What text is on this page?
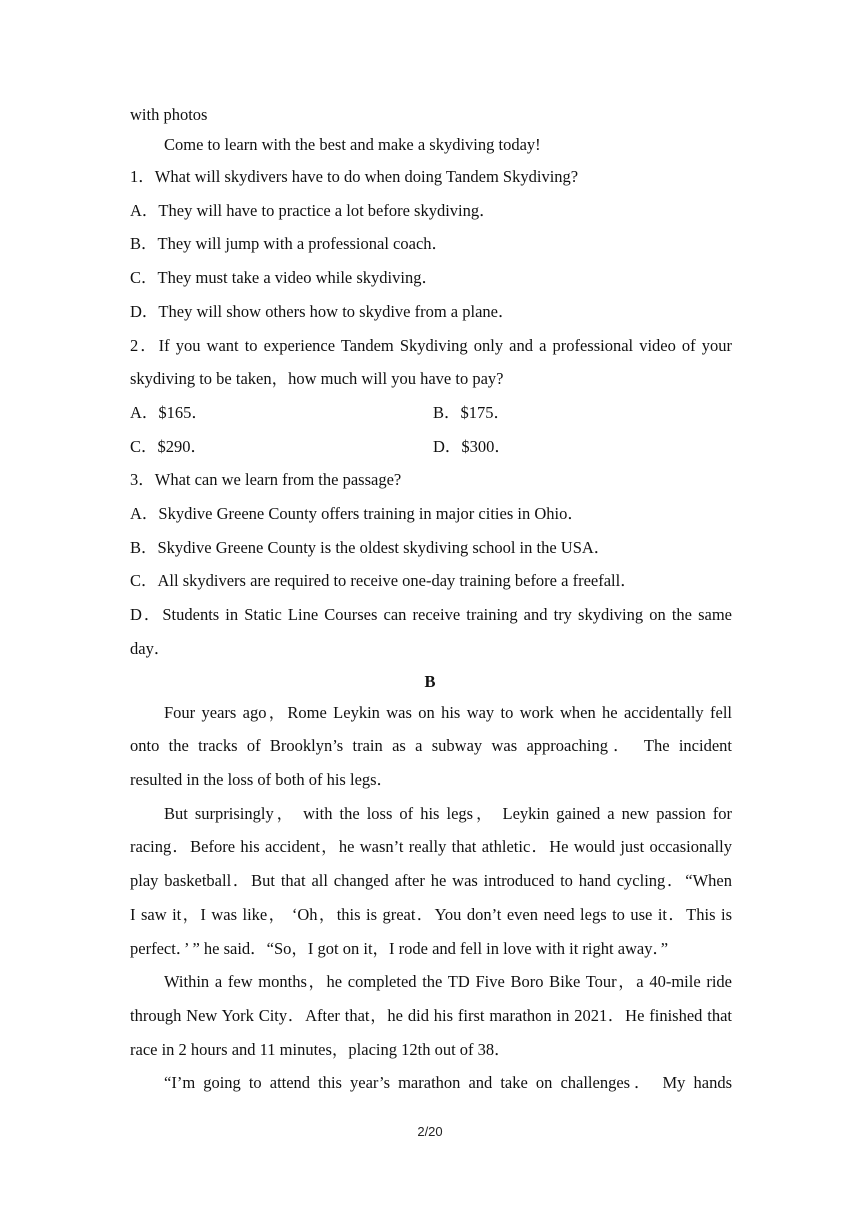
with photos
Come to learn with the best and make a skydiving today!
1．What will skydivers have to do when doing Tandem Skydiving?
A．They will have to practice a lot before skydiving．
B．They will jump with a professional coach．
C．They must take a video while skydiving．
D．They will show others how to skydive from a plane．
2．If you want to experience Tandem Skydiving only and a professional video of your
skydiving to be taken，how much will you have to pay?
A．$165．	B．$175．
C．$290．	D．$300．
3．What can we learn from the passage?
A．Skydive Greene County offers training in major cities in Ohio．
B．Skydive Greene County is the oldest skydiving school in the USA．
C．All skydivers are required to receive one-day training before a freefall．
D．Students in Static Line Courses can receive training and try skydiving on the same
day．
B
Four years ago，Rome Leykin was on his way to work when he accidentally fell
onto the tracks of Brooklyn’s train as a subway was approaching． The incident
resulted in the loss of both of his legs．
But surprisingly， with the loss of his legs， Leykin gained a new passion for
racing．Before his accident，he wasn’t really that athletic．He would just occasionally
play basketball．But that all changed after he was introduced to hand cycling．“When
I saw it，I was like， ‘Oh，this is great．You don’t even need legs to use it．This is
perfect．’ ” he said．“So，I got on it，I rode and fell in love with it right away．”
Within a few months，he completed the TD Five Boro Bike Tour，a 40-mile ride
through New York City．After that，he did his first marathon in 2021．He finished that
race in 2 hours and 11 minutes，placing 12th out of 38．
“I’m going to attend this year’s marathon and take on challenges． My hands
2/20
